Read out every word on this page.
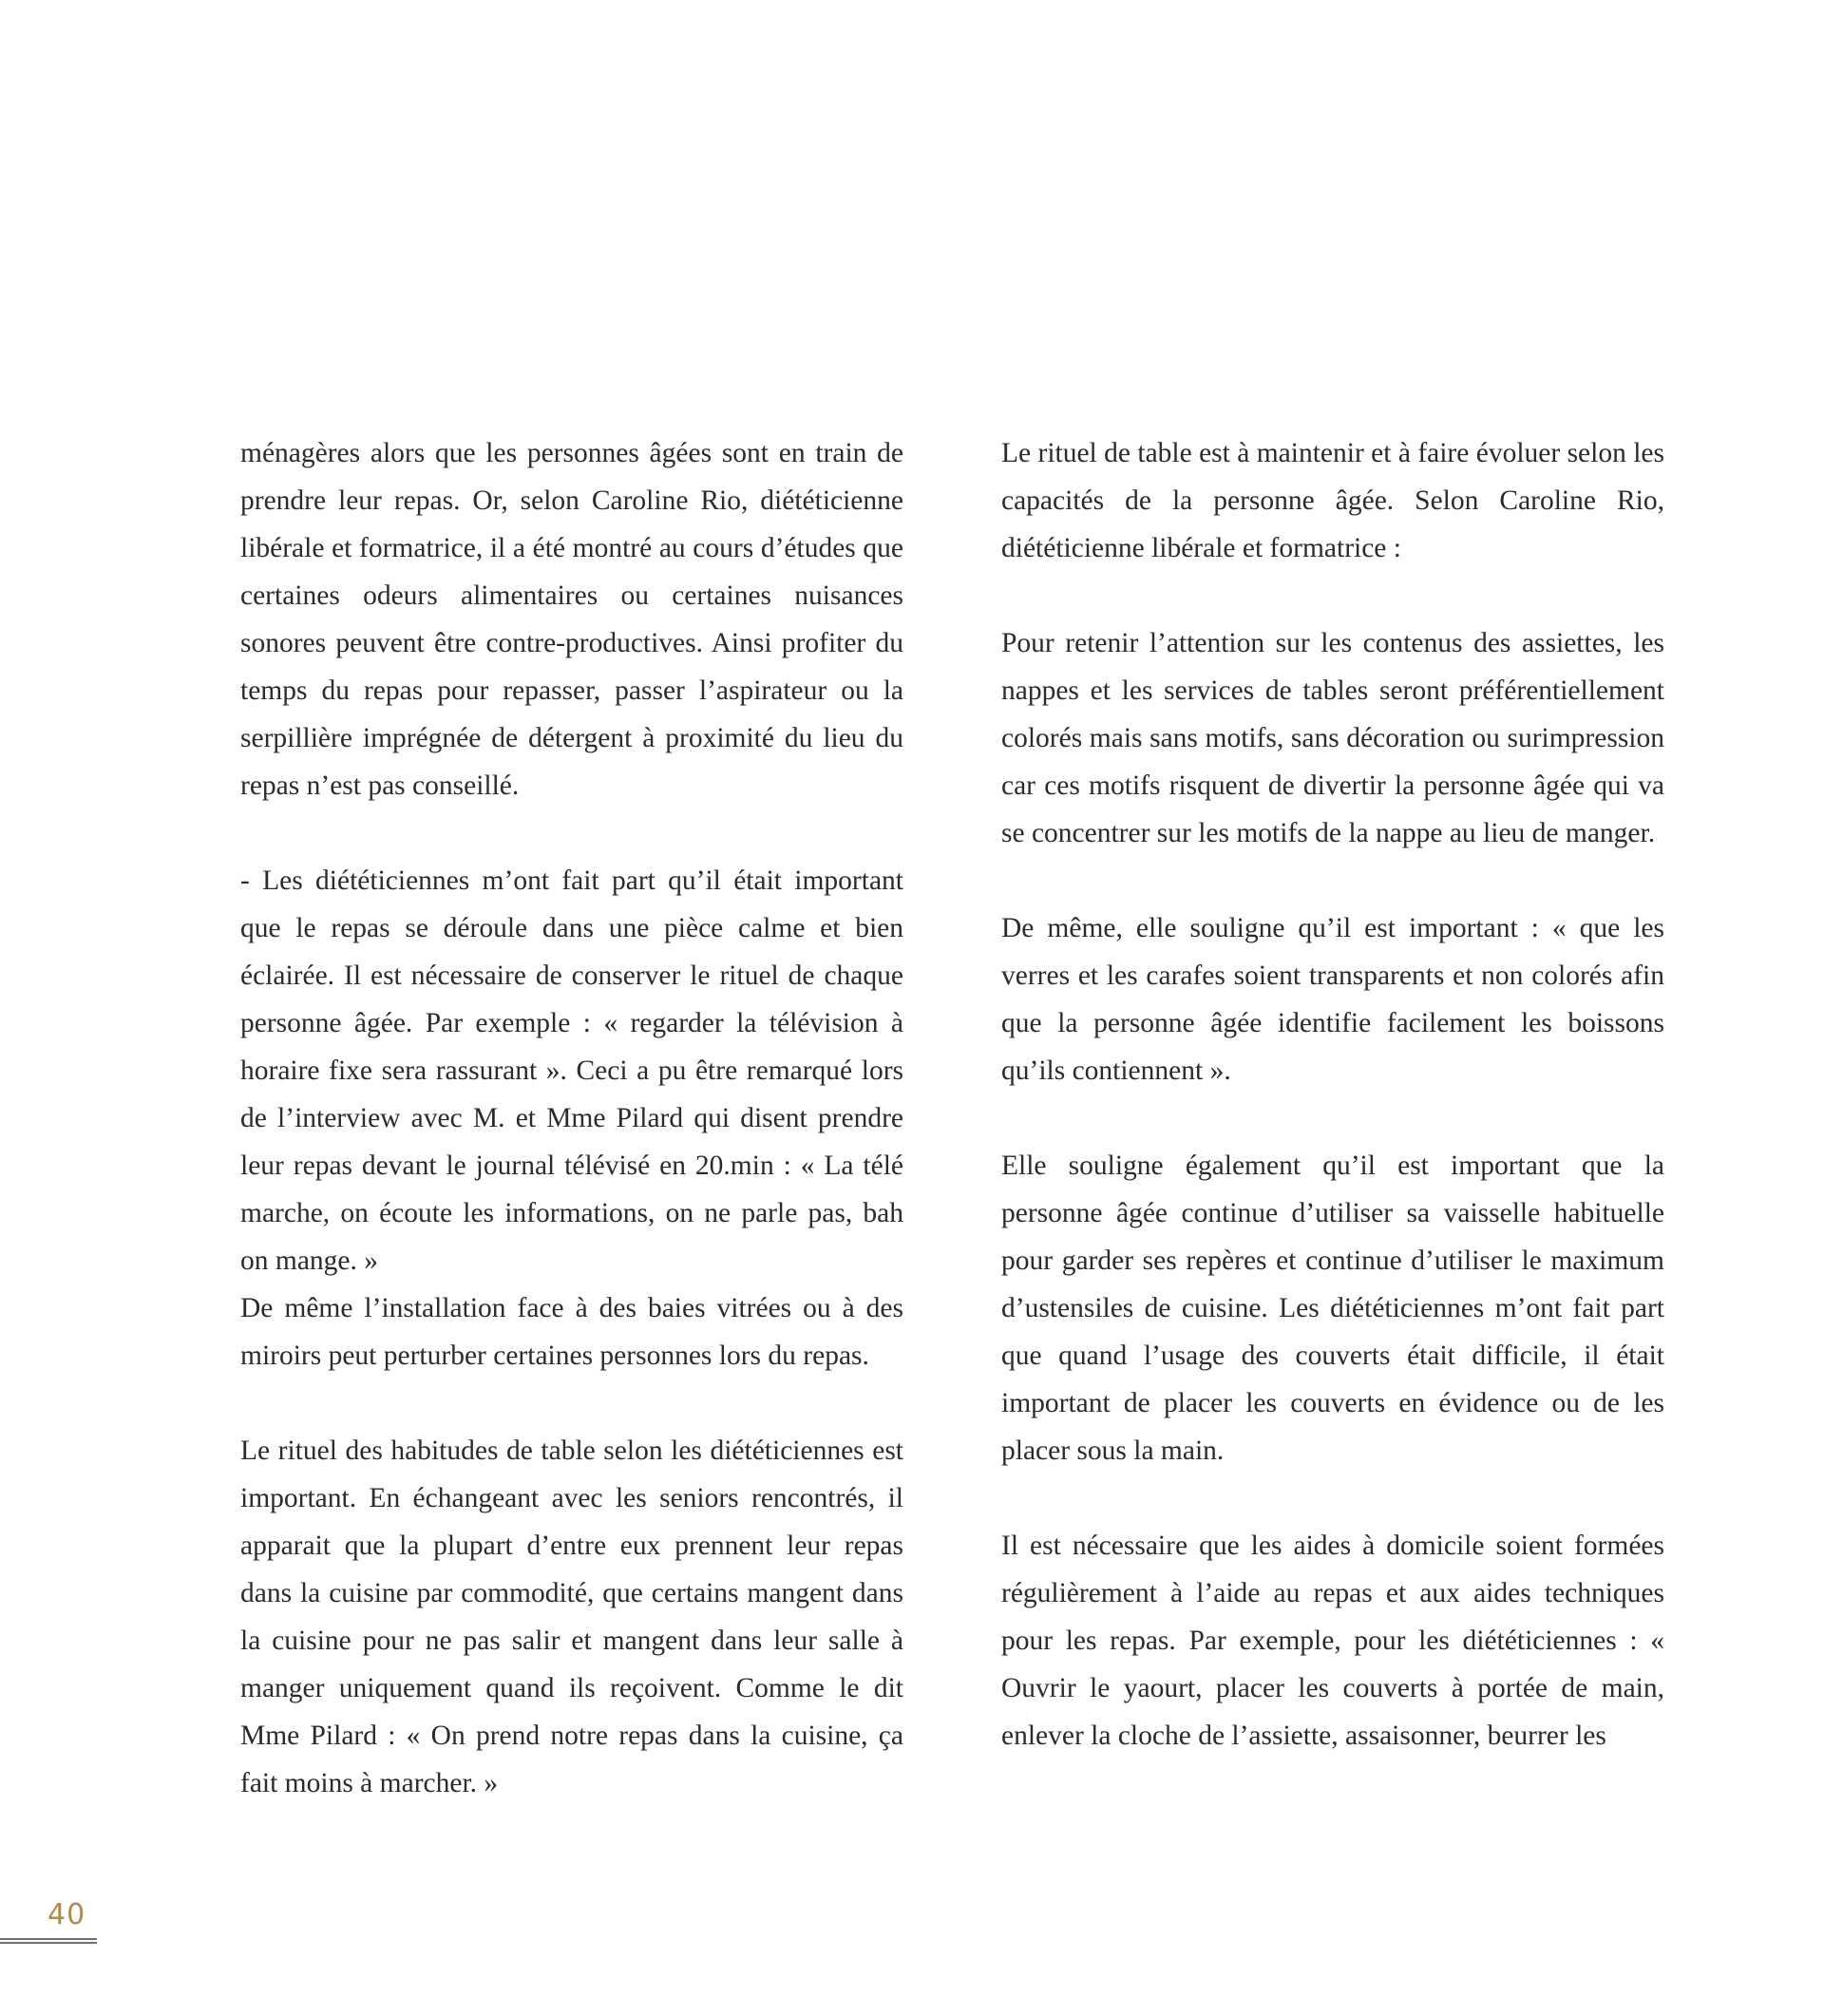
ménagères alors que les personnes âgées sont en train de prendre leur repas. Or, selon Caroline Rio, diététicienne libérale et formatrice, il a été montré au cours d’études que certaines odeurs alimentaires ou certaines nuisances sonores peuvent être contre-productives. Ainsi profiter du temps du repas pour repasser, passer l’aspirateur ou la serpillière imprégnée de détergent à proximité du lieu du repas n’est pas conseillé.

- Les diététiciennes m’ont fait part qu’il était important que le repas se déroule dans une pièce calme et bien éclairée. Il est nécessaire de conserver le rituel de chaque personne âgée. Par exemple : « regarder la télévision à horaire fixe sera rassurant ». Ceci a pu être remarqué lors de l’interview avec M. et Mme Pilard qui disent prendre leur repas devant le journal télévisé en 20.min : « La télé marche, on écoute les informations, on ne parle pas, bah on mange. »

De même l’installation face à des baies vitrées ou à des miroirs peut perturber certaines personnes lors du repas.

Le rituel des habitudes de table selon les diététiciennes est important. En échangeant avec les seniors rencontrés, il apparait que la plupart d’entre eux prennent leur repas dans la cuisine par commodité, que certains mangent dans la cuisine pour ne pas salir et mangent dans leur salle à manger uniquement quand ils reçoivent. Comme le dit Mme Pilard : « On prend notre repas dans la cuisine, ça fait moins à marcher. »

Le rituel de table est à maintenir et à faire évoluer selon les capacités de la personne âgée. Selon Caroline Rio, diététicienne libérale et formatrice :

Pour retenir l’attention sur les contenus des assiettes, les nappes et les services de tables seront préférentiellement colorés mais sans motifs, sans décoration ou surimpression car ces motifs risquent de divertir la personne âgée qui va se concentrer sur les motifs de la nappe au lieu de manger.

De même, elle souligne qu’il est important : « que les verres et les carafes soient transparents et non colorés afin que la personne âgée identifie facilement les boissons qu’ils contiennent ».

Elle souligne également qu’il est important que la personne âgée continue d’utiliser sa vaisselle habituelle pour garder ses repères et continue d’utiliser le maximum d’ustensiles de cuisine. Les diététiciennes m’ont fait part que quand l’usage des couverts était difficile, il était important de placer les couverts en évidence ou de les placer sous la main.

Il est nécessaire que les aides à domicile soient formées régulièrement à l’aide au repas et aux aides techniques pour les repas. Par exemple, pour les diététiciennes : « Ouvrir le yaourt, placer les couverts à portée de main, enlever la cloche de l’assiette, assaisonner, beurrer les

40
